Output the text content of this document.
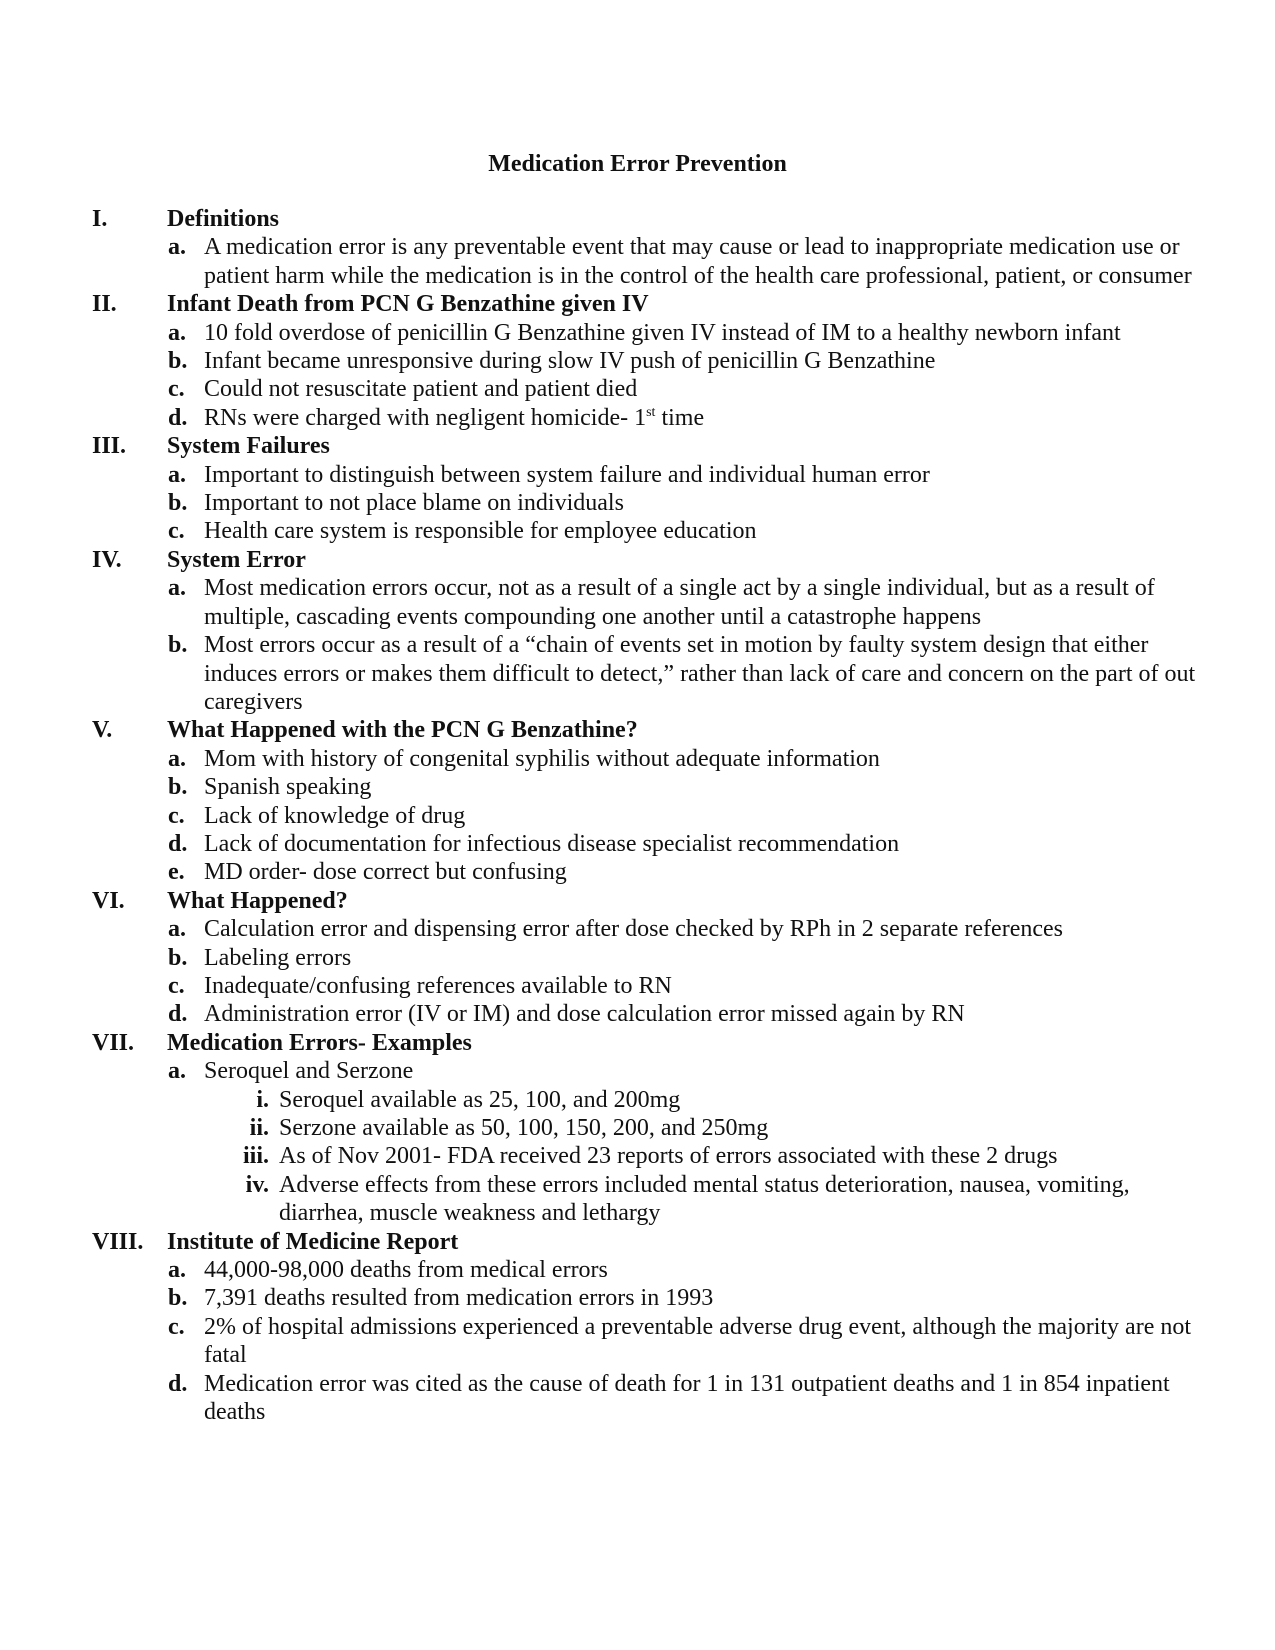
Medication Error Prevention
I. Definitions
a. A medication error is any preventable event that may cause or lead to inappropriate medication use or patient harm while the medication is in the control of the health care professional, patient, or consumer
II. Infant Death from PCN G Benzathine given IV
a. 10 fold overdose of penicillin G Benzathine given IV instead of IM to a healthy newborn infant
b. Infant became unresponsive during slow IV push of penicillin G Benzathine
c. Could not resuscitate patient and patient died
d. RNs were charged with negligent homicide- 1st time
III. System Failures
a. Important to distinguish between system failure and individual human error
b. Important to not place blame on individuals
c. Health care system is responsible for employee education
IV. System Error
a. Most medication errors occur, not as a result of a single act by a single individual, but as a result of multiple, cascading events compounding one another until a catastrophe happens
b. Most errors occur as a result of a “chain of events set in motion by faulty system design that either induces errors or makes them difficult to detect,” rather than lack of care and concern on the part of out caregivers
V. What Happened with the PCN G Benzathine?
a. Mom with history of congenital syphilis without adequate information
b. Spanish speaking
c. Lack of knowledge of drug
d. Lack of documentation for infectious disease specialist recommendation
e. MD order- dose correct but confusing
VI. What Happened?
a. Calculation error and dispensing error after dose checked by RPh in 2 separate references
b. Labeling errors
c. Inadequate/confusing references available to RN
d. Administration error (IV or IM) and dose calculation error missed again by RN
VII. Medication Errors- Examples
a. Seroquel and Serzone
i. Seroquel available as 25, 100, and 200mg
ii. Serzone available as 50, 100, 150, 200, and 250mg
iii. As of Nov 2001- FDA received 23 reports of errors associated with these 2 drugs
iv. Adverse effects from these errors included mental status deterioration, nausea, vomiting, diarrhea, muscle weakness and lethargy
VIII. Institute of Medicine Report
a. 44,000-98,000 deaths from medical errors
b. 7,391 deaths resulted from medication errors in 1993
c. 2% of hospital admissions experienced a preventable adverse drug event, although the majority are not fatal
d. Medication error was cited as the cause of death for 1 in 131 outpatient deaths and 1 in 854 inpatient deaths
